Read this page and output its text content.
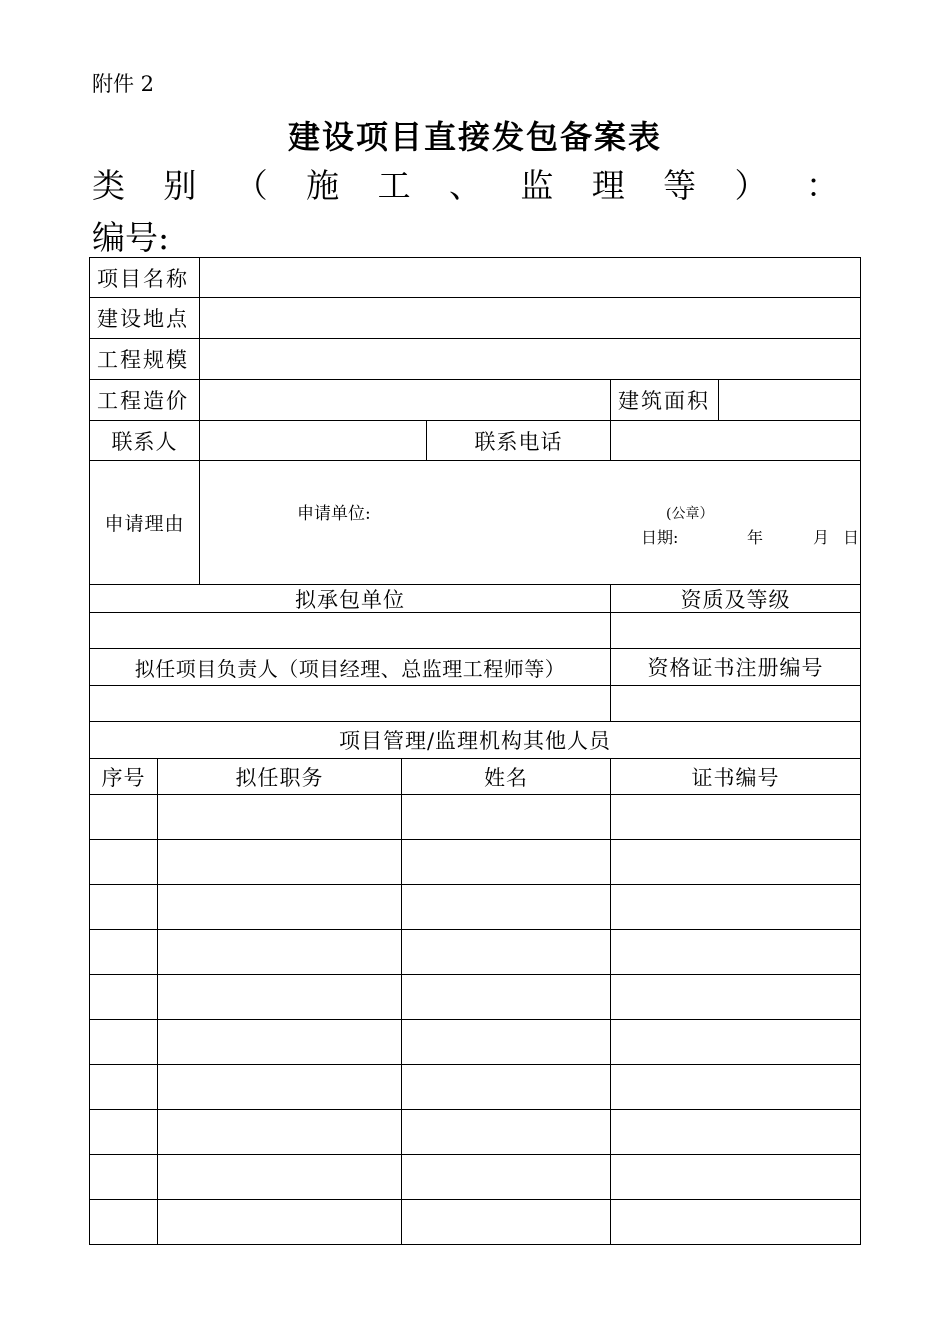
附件 2
建设项目直接发包备案表
类 别 （ 施 工 、 监 理 等 ） ：
编号:
项目名称
建设地点
工程规模
工程造价	建筑面积
联系人	联系电话
申请理由	申请单位:	(公章）
日期:	年	月 日
拟承包单位	资质及等级
拟任项目负责人（项目经理、总监理工程师等）	资格证书注册编号
项目管理/监理机构其他人员
序号	拟任职务	姓名	证书编号
